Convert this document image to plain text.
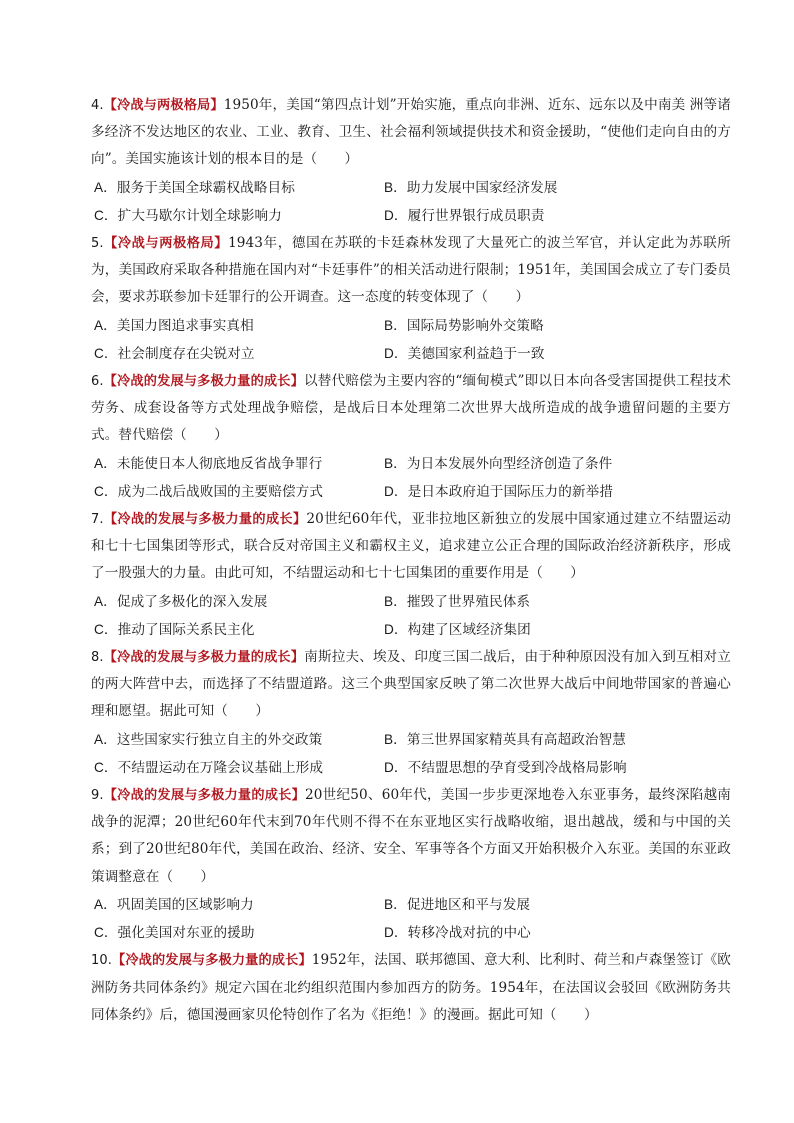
4.【冷战与两极格局】1950年，美国“第四点计划”开始实施，重点向非洲、近东、远东以及中南美 洲等诸多经济不发达地区的农业、工业、教育、卫生、社会福利领域提供技术和资金援助，“使他们走向自由的方向”。美国实施该计划的根本目的是（　　）
A．服务于美国全球霸权战略目标	B．助力发展中国家经济发展
C．扩大马歇尔计划全球影响力	D．履行世界银行成员职责
5.【冷战与两极格局】1943年，德国在苏联的卡廷森林发现了大量死亡的波兰军官，并认定此为苏联所为，美国政府采取各种措施在国内对“卡廷事件”的相关活动进行限制；1951年，美国国会成立了专门委员会，要求苏联参加卡廷罪行的公开调查。这一态度的转变体现了（　　）
A．美国力图追求事实真相	B．国际局势影响外交策略
C．社会制度存在尖锐对立	D．美德国家利益趋于一致
6.【冷战的发展与多极力量的成长】以替代赔偿为主要内容的“缅甸模式”即以日本向各受害国提供工程技术劳务、成套设备等方式处理战争赔偿，是战后日本处理第二次世界大战所造成的战争遗留问题的主要方式。替代赔偿（　　）
A．未能使日本人彻底地反省战争罪行	B．为日本发展外向型经济创造了条件
C．成为二战后战败国的主要赔偿方式	D．是日本政府迫于国际压力的新举措
7.【冷战的发展与多极力量的成长】20世纪60年代，亚非拉地区新独立的发展中国家通过建立不结盟运动和七十七国集团等形式，联合反对帝国主义和霸权主义，追求建立公正合理的国际政治经济新秩序，形成了一股强大的力量。由此可知，不结盟运动和七十七国集团的重要作用是（　　）
A．促成了多极化的深入发展	B．摧毁了世界殖民体系
C．推动了国际关系民主化	D．构建了区域经济集团
8.【冷战的发展与多极力量的成长】南斯拉夫、埃及、印度三国二战后，由于种种原因没有加入到互相对立的两大阵营中去，而选择了不结盟道路。这三个典型国家反映了第二次世界大战后中间地带国家的普遍心理和愿望。据此可知（　　）
A．这些国家实行独立自主的外交政策	B．第三世界国家精英具有高超政治智慧
C．不结盟运动在万隆会议基础上形成	D．不结盟思想的孕育受到冷战格局影响
9.【冷战的发展与多极力量的成长】20世纪50、60年代，美国一步步更深地卷入东亚事务，最终深陷越南战争的泥潭；20世纪60年代末到70年代则不得不在东亚地区实行战略收缩，退出越战，缓和与中国的关系；到了20世纪80年代，美国在政治、经济、安全、军事等各个方面又开始积极介入东亚。美国的东亚政策调整意在（　　）
A．巩固美国的区域影响力	B．促进地区和平与发展
C．强化美国对东亚的援助	D．转移冷战对抗的中心
10.【冷战的发展与多极力量的成长】1952年，法国、联邦德国、意大利、比利时、荷兰和卢森堡签订《欧洲防务共同体条约》规定六国在北约组织范围内参加西方的防务。1954年，在法国议会驳回《欧洲防务共同体条约》后，德国漫画家贝伦特创作了名为《拒绝！》的漫画。据此可知（　　）
